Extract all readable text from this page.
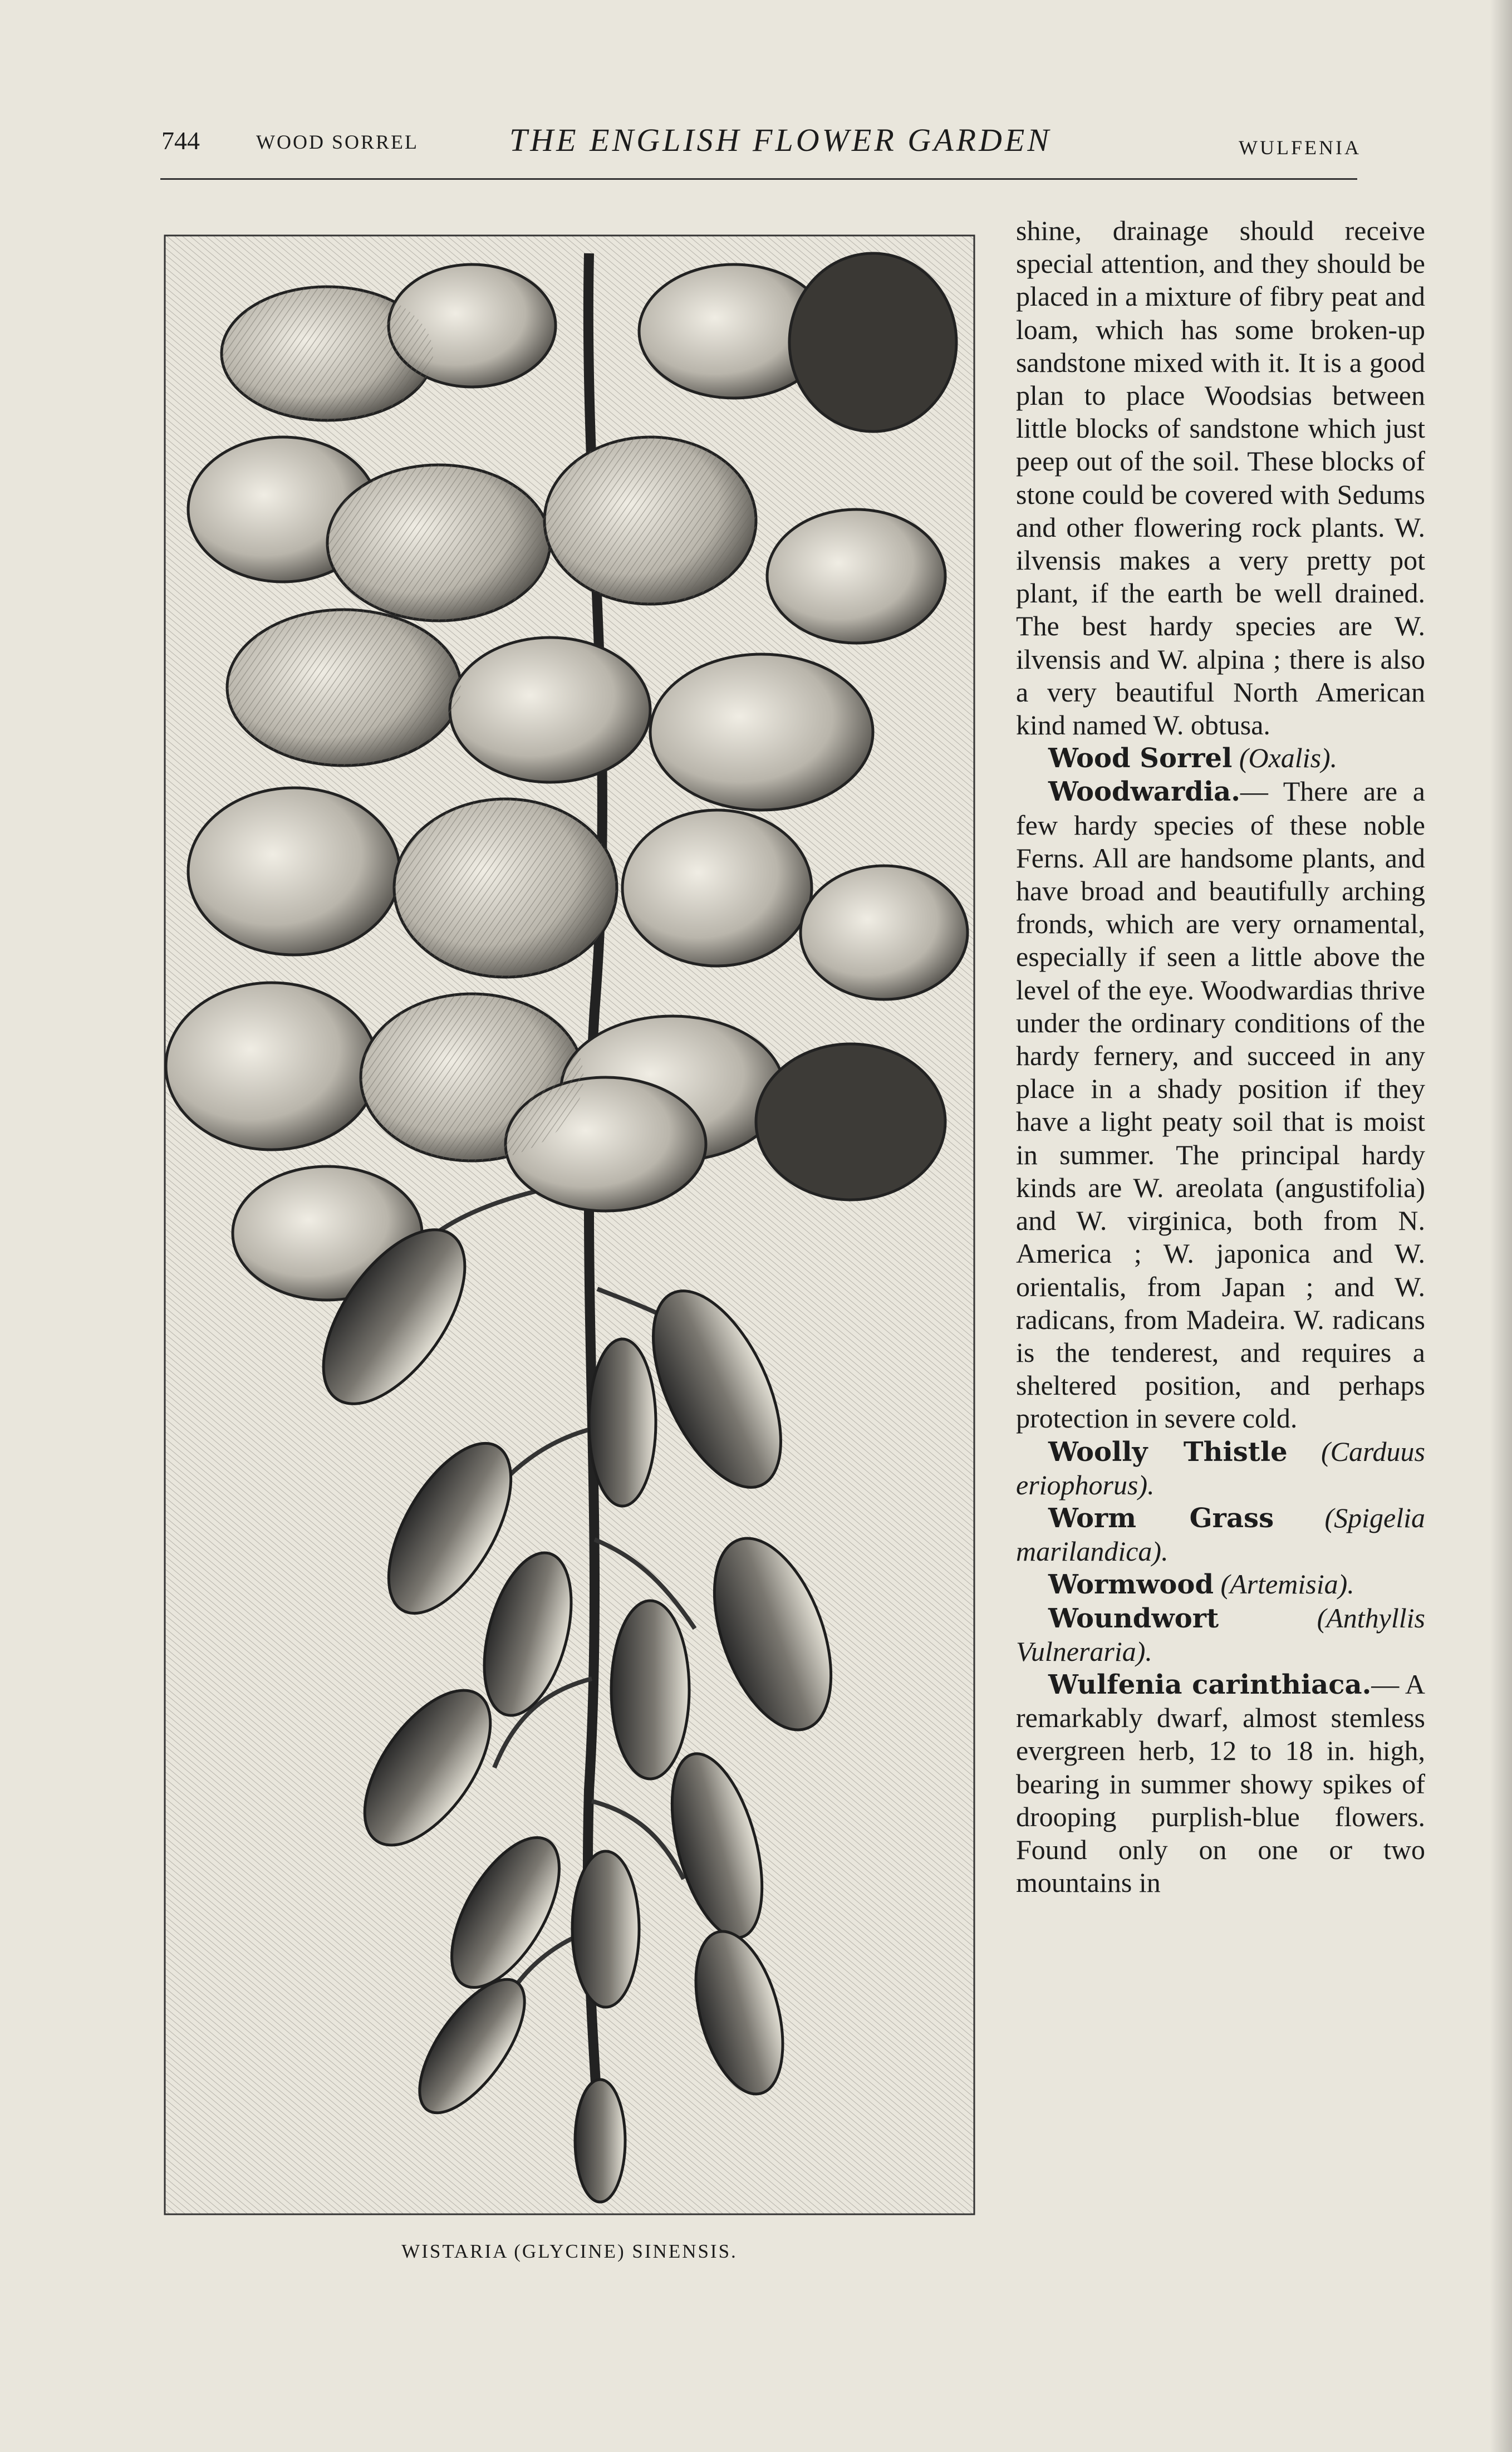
744	WOOD SORREL	THE ENGLISH FLOWER GARDEN	WULFENIA
WISTARIA (GLYCINE) SINENSIS.

shine, drainage should receive special attention, and they should be placed in a mixture of fibry peat and loam, which has some broken-up sandstone mixed with it. It is a good plan to place Woodsias between little blocks of sandstone which just peep out of the soil. These blocks of stone could be covered with Sedums and other flowering rock plants. W. ilvensis makes a very pretty pot plant, if the earth be well drained. The best hardy species are W. ilvensis and W. alpina ; there is also a very beautiful North American kind named W. obtusa.

Wood Sorrel (Oxalis).

Woodwardia.— There are a few hardy species of these noble Ferns. All are handsome plants, and have broad and beautifully arching fronds, which are very ornamental, especially if seen a little above the level of the eye. Woodwardias thrive under the ordinary conditions of the hardy fernery, and succeed in any place in a shady position if they have a light peaty soil that is moist in summer. The principal hardy kinds are W. areolata (angustifolia) and W. virginica, both from N. America ; W. japonica and W. orientalis, from Japan ; and W. radicans, from Madeira. W. radicans is the tenderest, and requires a sheltered position, and perhaps protection in severe cold.

Woolly Thistle (Carduus eriophorus).

Worm Grass (Spigelia marilandica).

Wormwood (Artemisia).

Woundwort	(Anthyllis Vulneraria).

Wulfenia carinthiaca.— A remarkably dwarf, almost stemless evergreen herb, 12 to 18 in. high, bearing in summer showy spikes of drooping purplish-blue flowers. Found only on one or two mountains in
